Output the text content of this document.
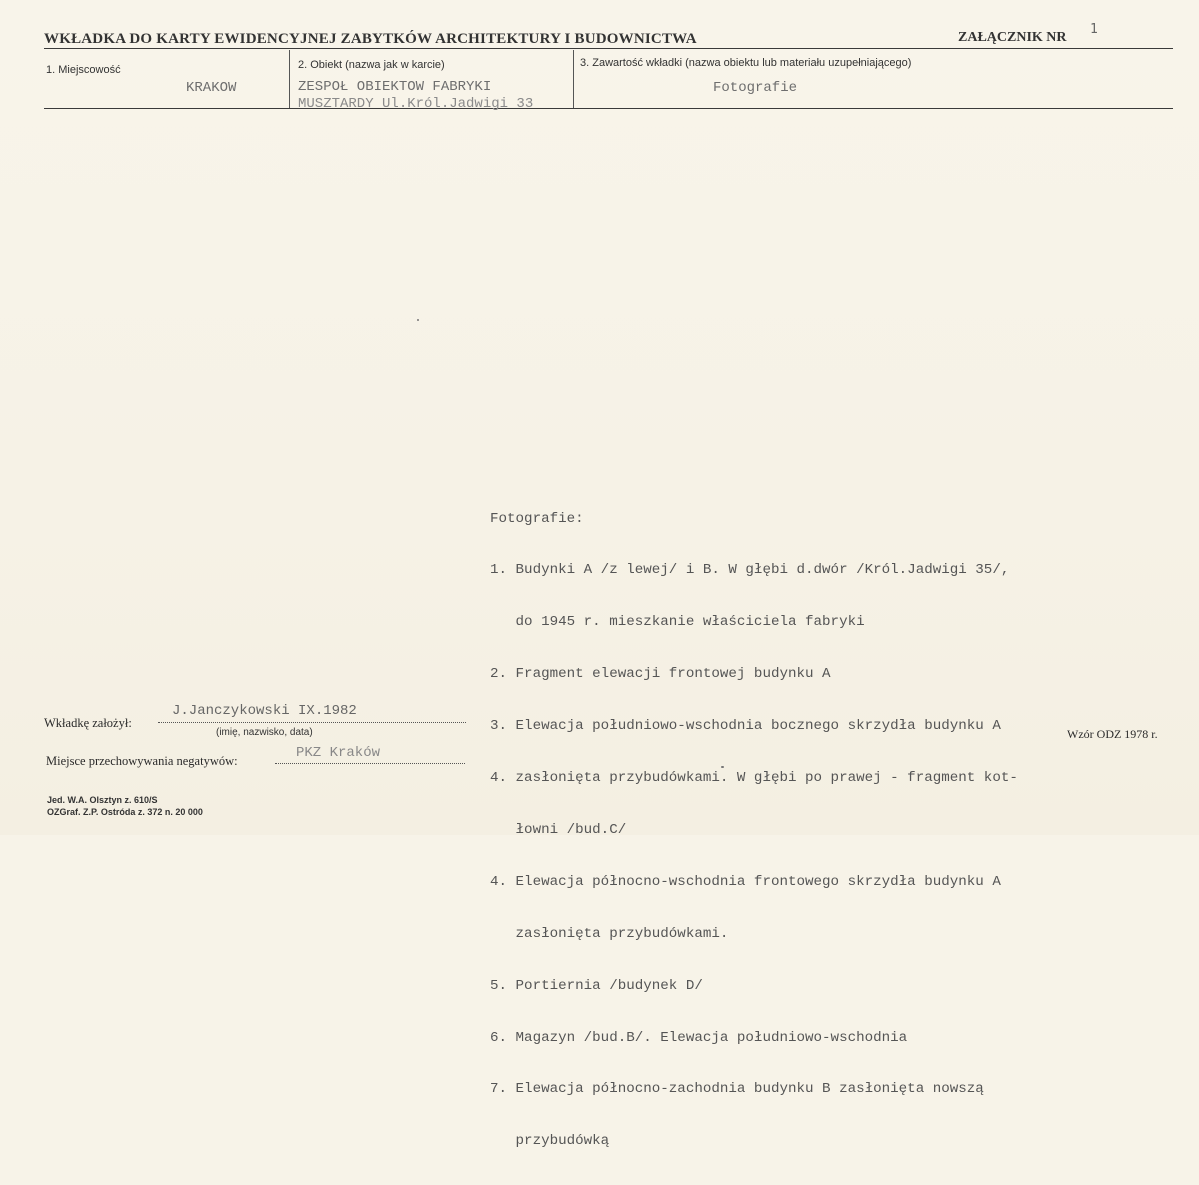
WKŁADKA DO KARTY EWIDENCYJNEJ ZABYTKÓW ARCHITEKTURY I BUDOWNICTWA	ZAŁĄCZNIK NR
1
1. Miejscowość
KRAKOW
2. Obiekt (nazwa jak w karcie)
ZESPOŁ OBIEKTOW FABRYKI
MUSZTARDY Ul.Król.Jadwigi 33
3. Zawartość wkładki (nazwa obiektu lub materiału uzupełniającego)
Fotografie

Fotografie:

1. Budynki A /z lewej/ i B. W głębi d.dwór /Król.Jadwigi 35/,

do 1945 r. mieszkanie właściciela fabryki

2. Fragment elewacji frontowej budynku A

3. Elewacja południowo-wschodnia bocznego skrzydła budynku A

4. zasłonięta przybudówkami. W głębi po prawej - fragment kot-

łowni /bud.C/

4. Elewacja północno-wschodnia frontowego skrzydła budynku A

zasłonięta przybudówkami.

5. Portiernia /budynek D/

6. Magazyn /bud.B/. Elewacja południowo-wschodnia

7. Elewacja północno-zachodnia budynku B zasłonięta nowszą

przybudówką

Wkładkę założył:
J.Janczykowski IX.1982
(imię, nazwisko, data)
Miejsce przechowywania negatywów:	PKZ Kraków
Wzór ODZ 1978 r.
Jed. W.A. Olsztyn z. 610/S
OZGraf. Z.P. Ostróda z. 372 n. 20 000
